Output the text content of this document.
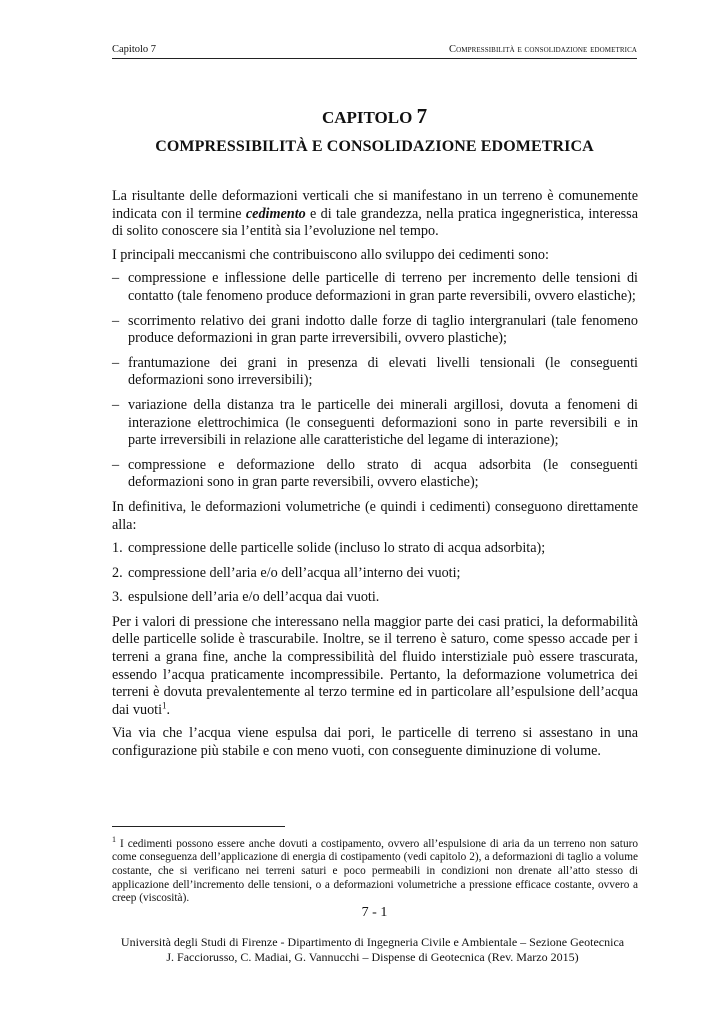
Capitolo 7	Compressibilità e consolidazione edometrica
CAPITOLO 7
COMPRESSIBILITÀ E CONSOLIDAZIONE EDOMETRICA

La risultante delle deformazioni verticali che si manifestano in un terreno è comunemente indicata con il termine cedimento e di tale grandezza, nella pratica ingegneristica, interessa di solito conoscere sia l’entità sia l’evoluzione nel tempo.

I principali meccanismi che contribuiscono allo sviluppo dei cedimenti sono:

– compressione e inflessione delle particelle di terreno per incremento delle tensioni di contatto (tale fenomeno produce deformazioni in gran parte reversibili, ovvero elastiche);
– scorrimento relativo dei grani indotto dalle forze di taglio intergranulari (tale fenomeno produce deformazioni in gran parte irreversibili, ovvero plastiche);
– frantumazione dei grani in presenza di elevati livelli tensionali (le conseguenti deformazioni sono irreversibili);
– variazione della distanza tra le particelle dei minerali argillosi, dovuta a fenomeni di interazione elettrochimica (le conseguenti deformazioni sono in parte reversibili e in parte irreversibili in relazione alle caratteristiche del legame di interazione);
– compressione e deformazione dello strato di acqua adsorbita (le conseguenti deformazioni sono in gran parte reversibili, ovvero elastiche);

In definitiva, le deformazioni volumetriche (e quindi i cedimenti) conseguono direttamente alla:

1. compressione delle particelle solide (incluso lo strato di acqua adsorbita);
2. compressione dell’aria e/o dell’acqua all’interno dei vuoti;
3. espulsione dell’aria e/o dell’acqua dai vuoti.

Per i valori di pressione che interessano nella maggior parte dei casi pratici, la deformabilità delle particelle solide è trascurabile. Inoltre, se il terreno è saturo, come spesso accade per i terreni a grana fine, anche la compressibilità del fluido interstiziale può essere trascurata, essendo l’acqua praticamente incompressibile. Pertanto, la deformazione volumetrica dei terreni è dovuta prevalentemente al terzo termine ed in particolare all’espulsione dell’acqua dai vuoti$^1$.

Via via che l’acqua viene espulsa dai pori, le particelle di terreno si assestano in una configurazione più stabile e con meno vuoti, con conseguente diminuzione di volume.

$^1$ I cedimenti possono essere anche dovuti a costipamento, ovvero all’espulsione di aria da un terreno non saturo come conseguenza dell’applicazione di energia di costipamento (vedi capitolo 2), a deformazioni di taglio a volume costante, che si verificano nei terreni saturi e poco permeabili in condizioni non drenate all’atto stesso di applicazione dell’incremento delle tensioni, o a deformazioni volumetriche a pressione efficace costante, ovvero a creep (viscosità).
7 - 1
Università degli Studi di Firenze - Dipartimento di Ingegneria Civile e Ambientale – Sezione Geotecnica
J. Facciorusso, C. Madiai, G. Vannucchi – Dispense di Geotecnica (Rev. Marzo 2015)
